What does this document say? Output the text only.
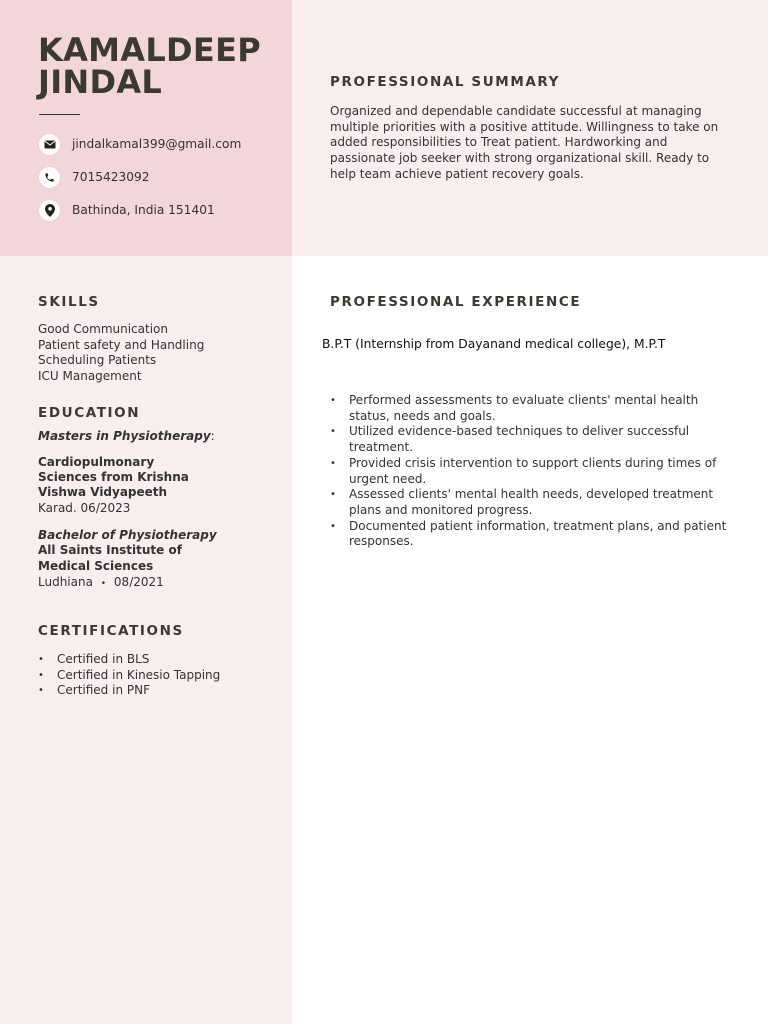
KAMALDEEP
JINDAL
jindalkamal399@gmail.com
7015423092
Bathinda, India 151401
PROFESSIONAL SUMMARY

Organized and dependable candidate successful at managing multiple priorities with a positive attitude. Willingness to take on added responsibilities to Treat patient. Hardworking and passionate job seeker with strong organizational skill. Ready to help team achieve patient recovery goals.

SKILLS
Good Communication
Patient safety and Handling
Scheduling Patients
ICU Management
EDUCATION
Masters in Physiotherapy:
Cardiopulmonary Sciences from Krishna Vishwa Vidyapeeth
Karad. 06/2023
Bachelor of Physiotherapy
All Saints Institute of Medical Sciences
Ludhiana • 08/2021
CERTIFICATIONS
• Certified in BLS
• Certified in Kinesio Tapping
• Certified in PNF
PROFESSIONAL EXPERIENCE
B.P.T (Internship from Dayanand medical college), M.P.T
• Performed assessments to evaluate clients' mental health status, needs and goals.
• Utilized evidence-based techniques to deliver successful treatment.
• Provided crisis intervention to support clients during times of urgent need.
• Assessed clients' mental health needs, developed treatment plans and monitored progress.
• Documented patient information, treatment plans, and patient responses.
